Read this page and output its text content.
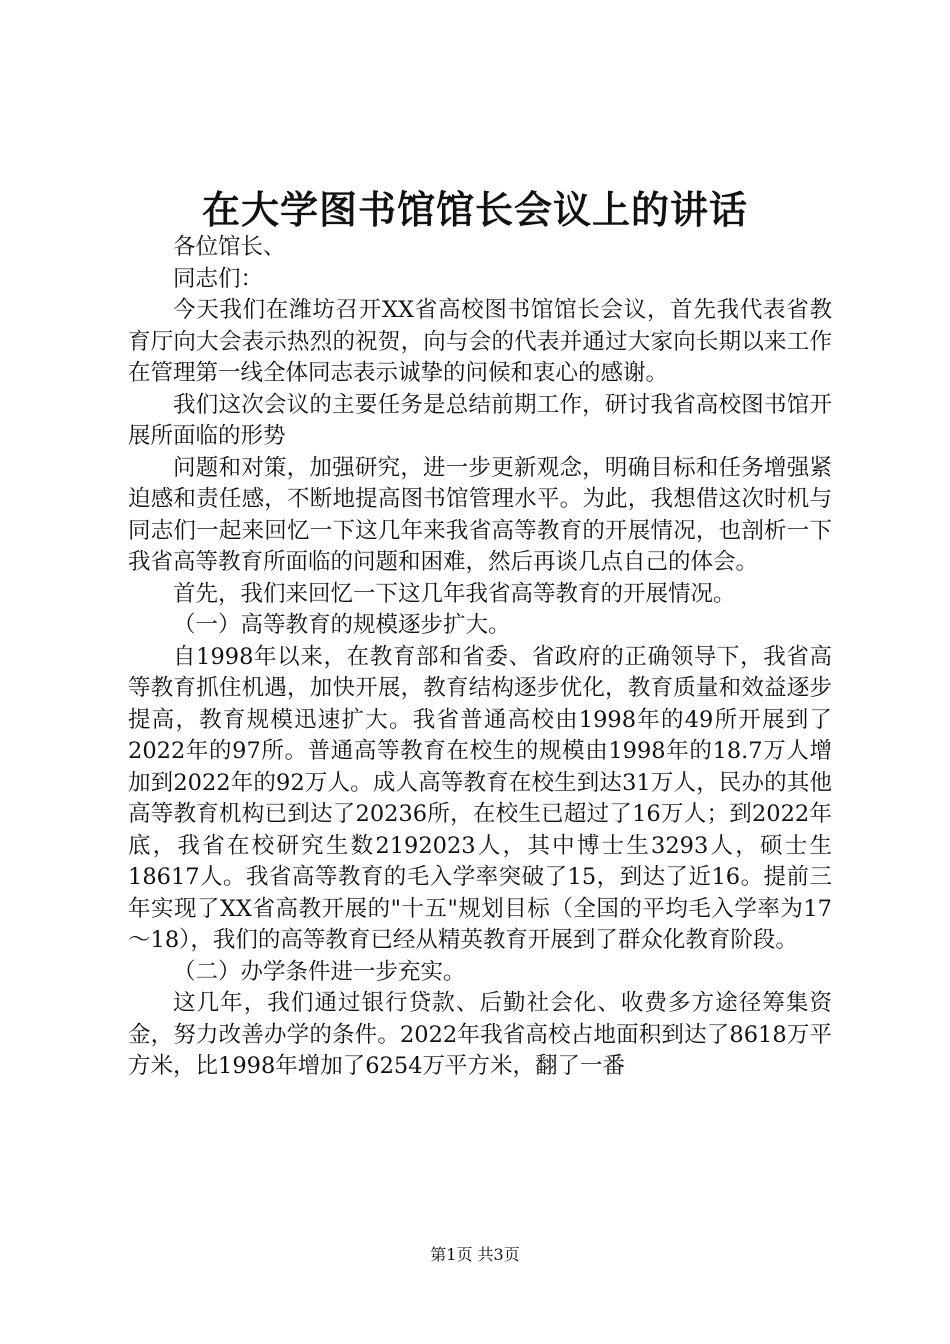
在大学图书馆馆长会议上的讲话

各位馆长、

同志们：

今天我们在潍坊召开XX省高校图书馆馆长会议，首先我代表省教育厅向大会表示热烈的祝贺，向与会的代表并通过大家向长期以来工作在管理第一线全体同志表示诚挚的问候和衷心的感谢。

我们这次会议的主要任务是总结前期工作，研讨我省高校图书馆开展所面临的形势

问题和对策，加强研究，进一步更新观念，明确目标和任务增强紧迫感和责任感，不断地提高图书馆管理水平。为此，我想借这次时机与同志们一起来回忆一下这几年来我省高等教育的开展情况，也剖析一下我省高等教育所面临的问题和困难，然后再谈几点自己的体会。

首先，我们来回忆一下这几年我省高等教育的开展情况。

（一）高等教育的规模逐步扩大。

自1998年以来，在教育部和省委、省政府的正确领导下，我省高等教育抓住机遇，加快开展，教育结构逐步优化，教育质量和效益逐步提高，教育规模迅速扩大。我省普通高校由1998年的49所开展到了2022年的97所。普通高等教育在校生的规模由1998年的18.7万人增加到2022年的92万人。成人高等教育在校生到达31万人，民办的其他高等教育机构已到达了20236所，在校生已超过了16万人；到2022年底，我省在校研究生数2192023人，其中博士生3293人，硕士生18617人。我省高等教育的毛入学率突破了15，到达了近16。提前三年实现了XX省高教开展的"十五"规划目标（全国的平均毛入学率为17～18），我们的高等教育已经从精英教育开展到了群众化教育阶段。

（二）办学条件进一步充实。

这几年，我们通过银行贷款、后勤社会化、收费多方途径筹集资金，努力改善办学的条件。2022年我省高校占地面积到达了8618万平方米，比1998年增加了6254万平方米，翻了一番

第1页 共3页
